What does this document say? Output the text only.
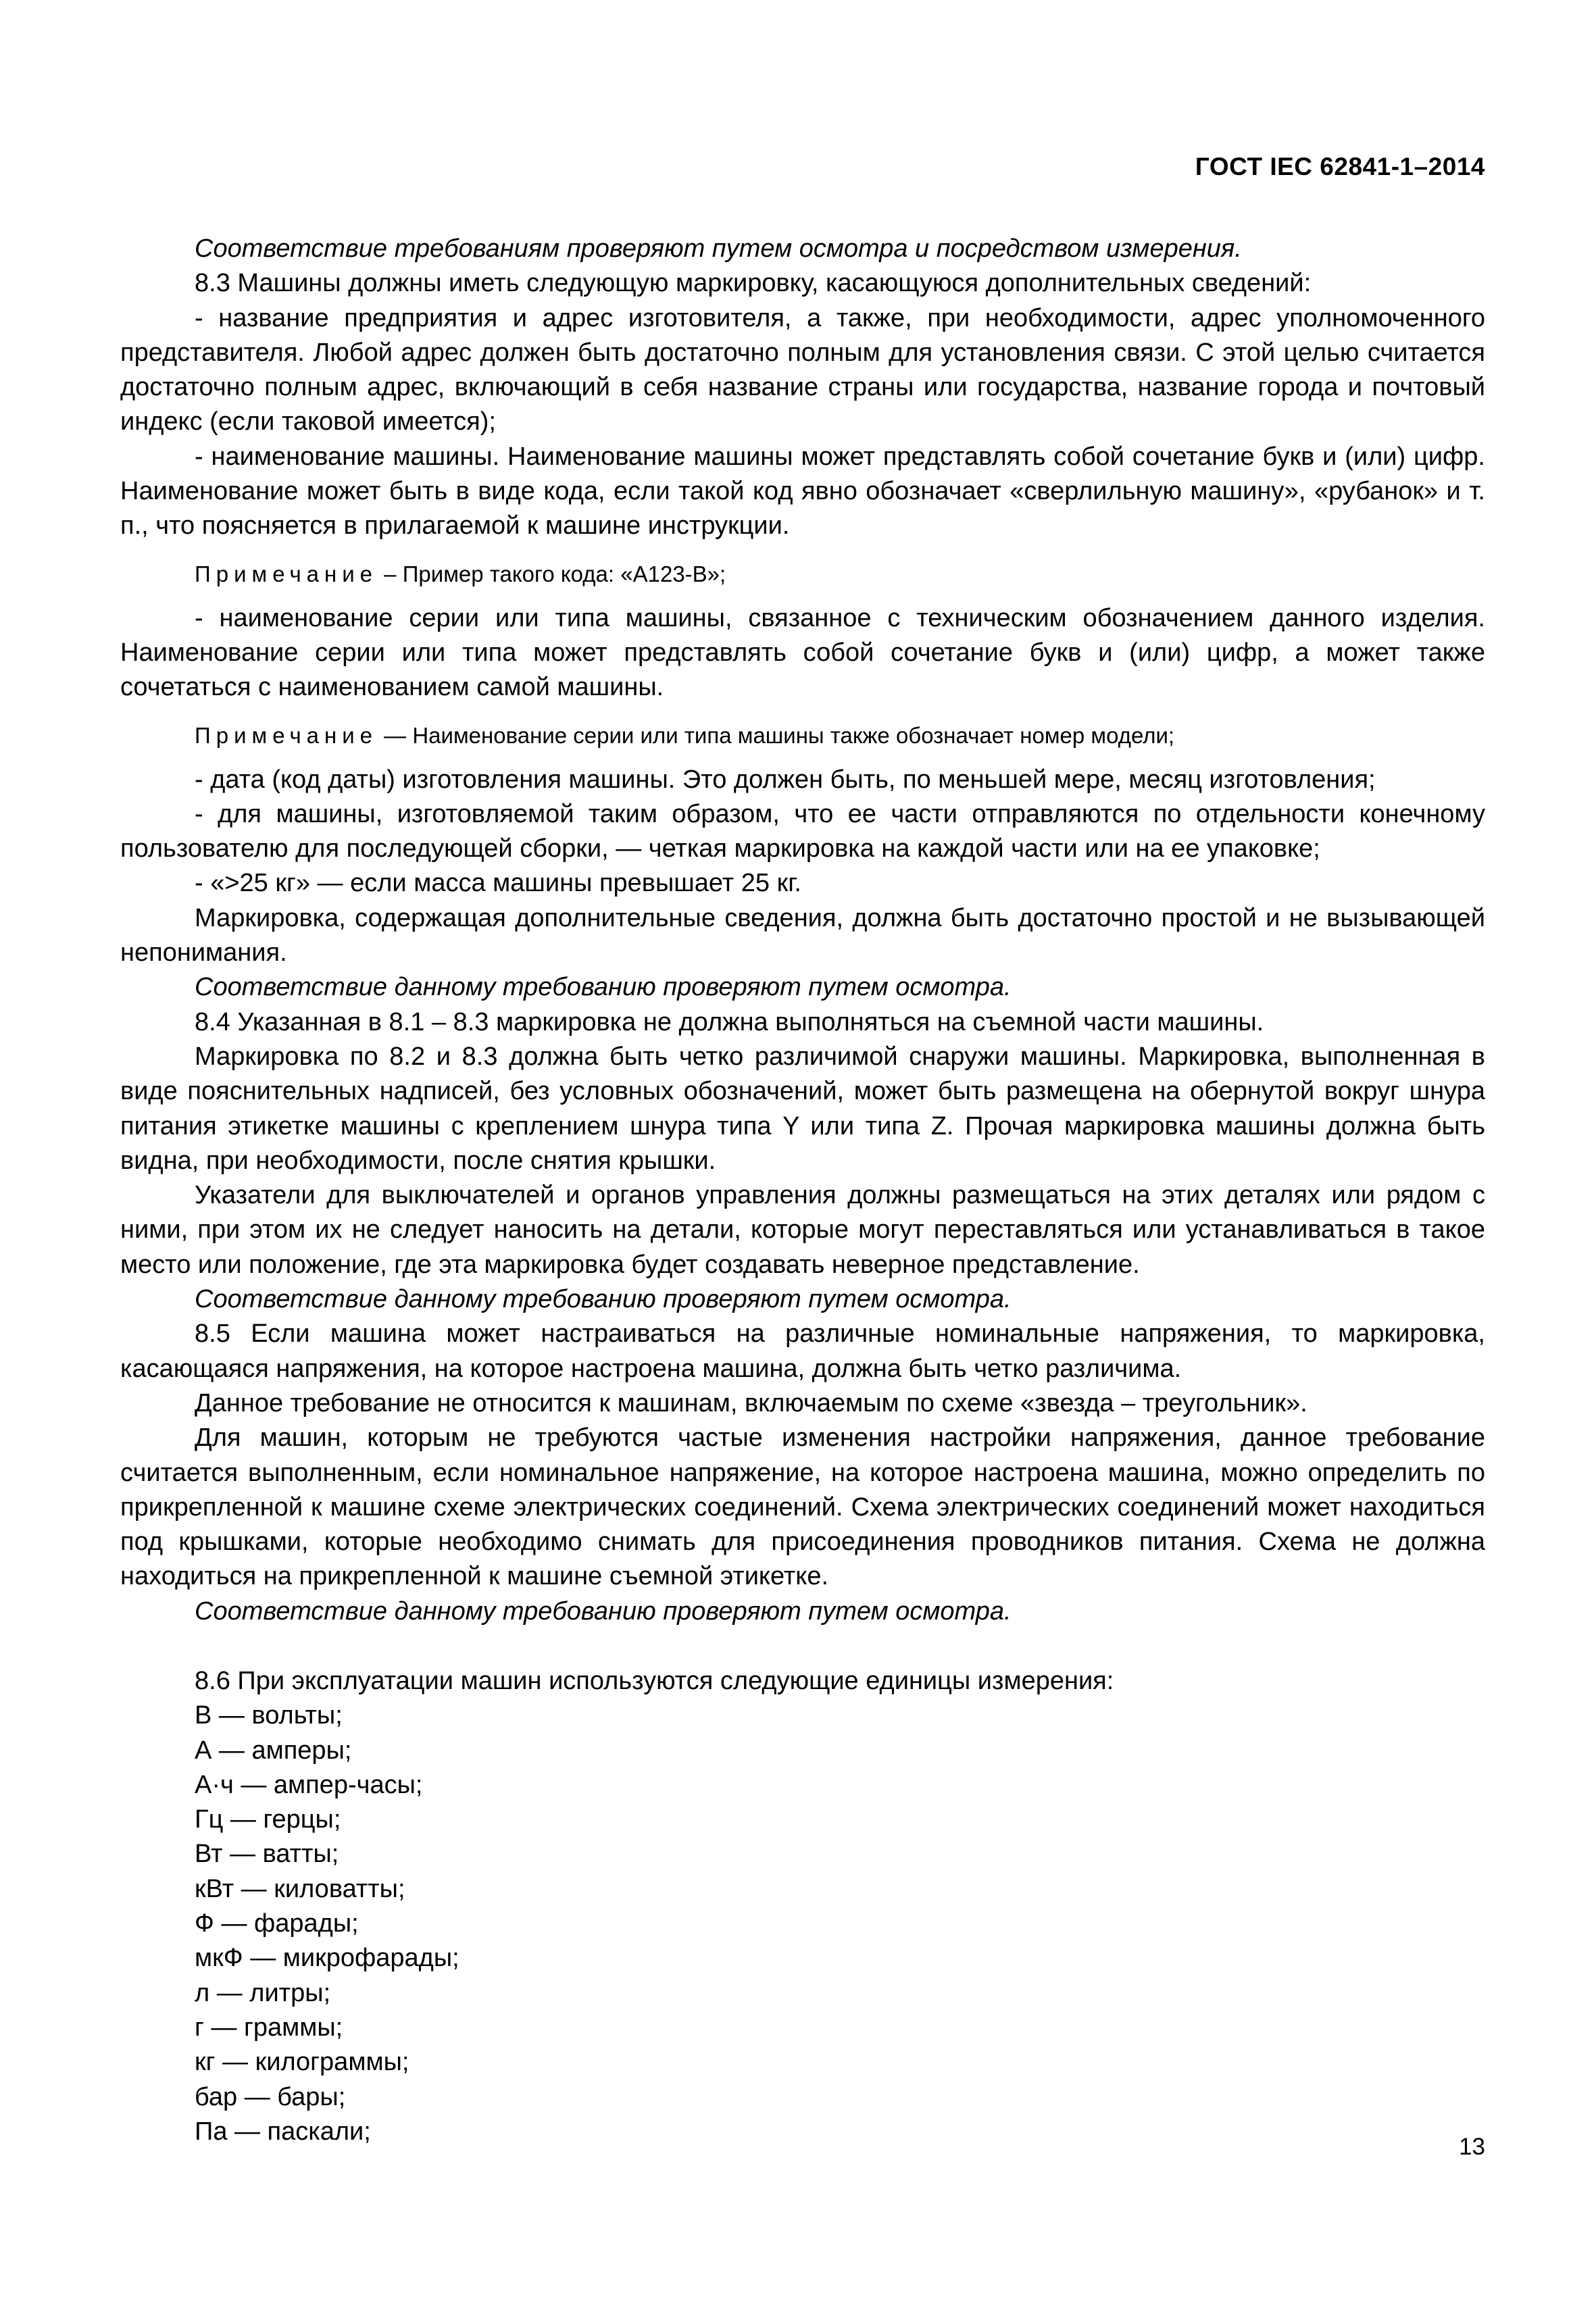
ГОСТ IEC 62841-1–2014

Соответствие требованиям проверяют путем осмотра и посредством измерения.

8.3 Машины должны иметь следующую маркировку, касающуюся дополнительных сведений:

- название предприятия и адрес изготовителя, а также, при необходимости, адрес уполномоченного представителя. Любой адрес должен быть достаточно полным для установления связи. С этой целью считается достаточно полным адрес, включающий в себя название страны или государства, название города и почтовый индекс (если таковой имеется);

- наименование машины. Наименование машины может представлять собой сочетание букв и (или) цифр. Наименование может быть в виде кода, если такой код явно обозначает «сверлильную машину», «рубанок» и т. п., что поясняется в прилагаемой к машине инструкции.

Примечание – Пример такого кода: «А123-В»;

- наименование серии или типа машины, связанное с техническим обозначением данного изделия. Наименование серии или типа может представлять собой сочетание букв и (или) цифр, а может также сочетаться с наименованием самой машины.

Примечание — Наименование серии или типа машины также обозначает номер модели;

- дата (код даты) изготовления машины. Это должен быть, по меньшей мере, месяц изготовления;

- для машины, изготовляемой таким образом, что ее части отправляются по отдельности конечному пользователю для последующей сборки, — четкая маркировка на каждой части или на ее упаковке;

- «>25 кг» — если масса машины превышает 25 кг.

Маркировка, содержащая дополнительные сведения, должна быть достаточно простой и не вызывающей непонимания.

Соответствие данному требованию проверяют путем осмотра.

8.4 Указанная в 8.1 – 8.3 маркировка не должна выполняться на съемной части машины.

Маркировка по 8.2 и 8.3 должна быть четко различимой снаружи машины. Маркировка, выполненная в виде пояснительных надписей, без условных обозначений, может быть размещена на обернутой вокруг шнура питания этикетке машины с креплением шнура типа Y или типа Z. Прочая маркировка машины должна быть видна, при необходимости, после снятия крышки.

Указатели для выключателей и органов управления должны размещаться на этих деталях или рядом с ними, при этом их не следует наносить на детали, которые могут переставляться или устанавливаться в такое место или положение, где эта маркировка будет создавать неверное представление.

Соответствие данному требованию проверяют путем осмотра.

8.5 Если машина может настраиваться на различные номинальные напряжения, то маркировка, касающаяся напряжения, на которое настроена машина, должна быть четко различима.

Данное требование не относится к машинам, включаемым по схеме «звезда – треугольник».

Для машин, которым не требуются частые изменения настройки напряжения, данное требование считается выполненным, если номинальное напряжение, на которое настроена машина, можно определить по прикрепленной к машине схеме электрических соединений. Схема электрических соединений может находиться под крышками, которые необходимо снимать для присоединения проводников питания. Схема не должна находиться на прикрепленной к машине съемной этикетке.

Соответствие данному требованию проверяют путем осмотра.

8.6 При эксплуатации машин используются следующие единицы измерения:

В — вольты;
А — амперы;
А·ч — ампер-часы;
Гц — герцы;
Вт — ватты;
кВт — киловатты;
Ф — фарады;
мкФ — микрофарады;
л — литры;
г — граммы;
кг — килограммы;
бар — бары;
Па — паскали;
13
